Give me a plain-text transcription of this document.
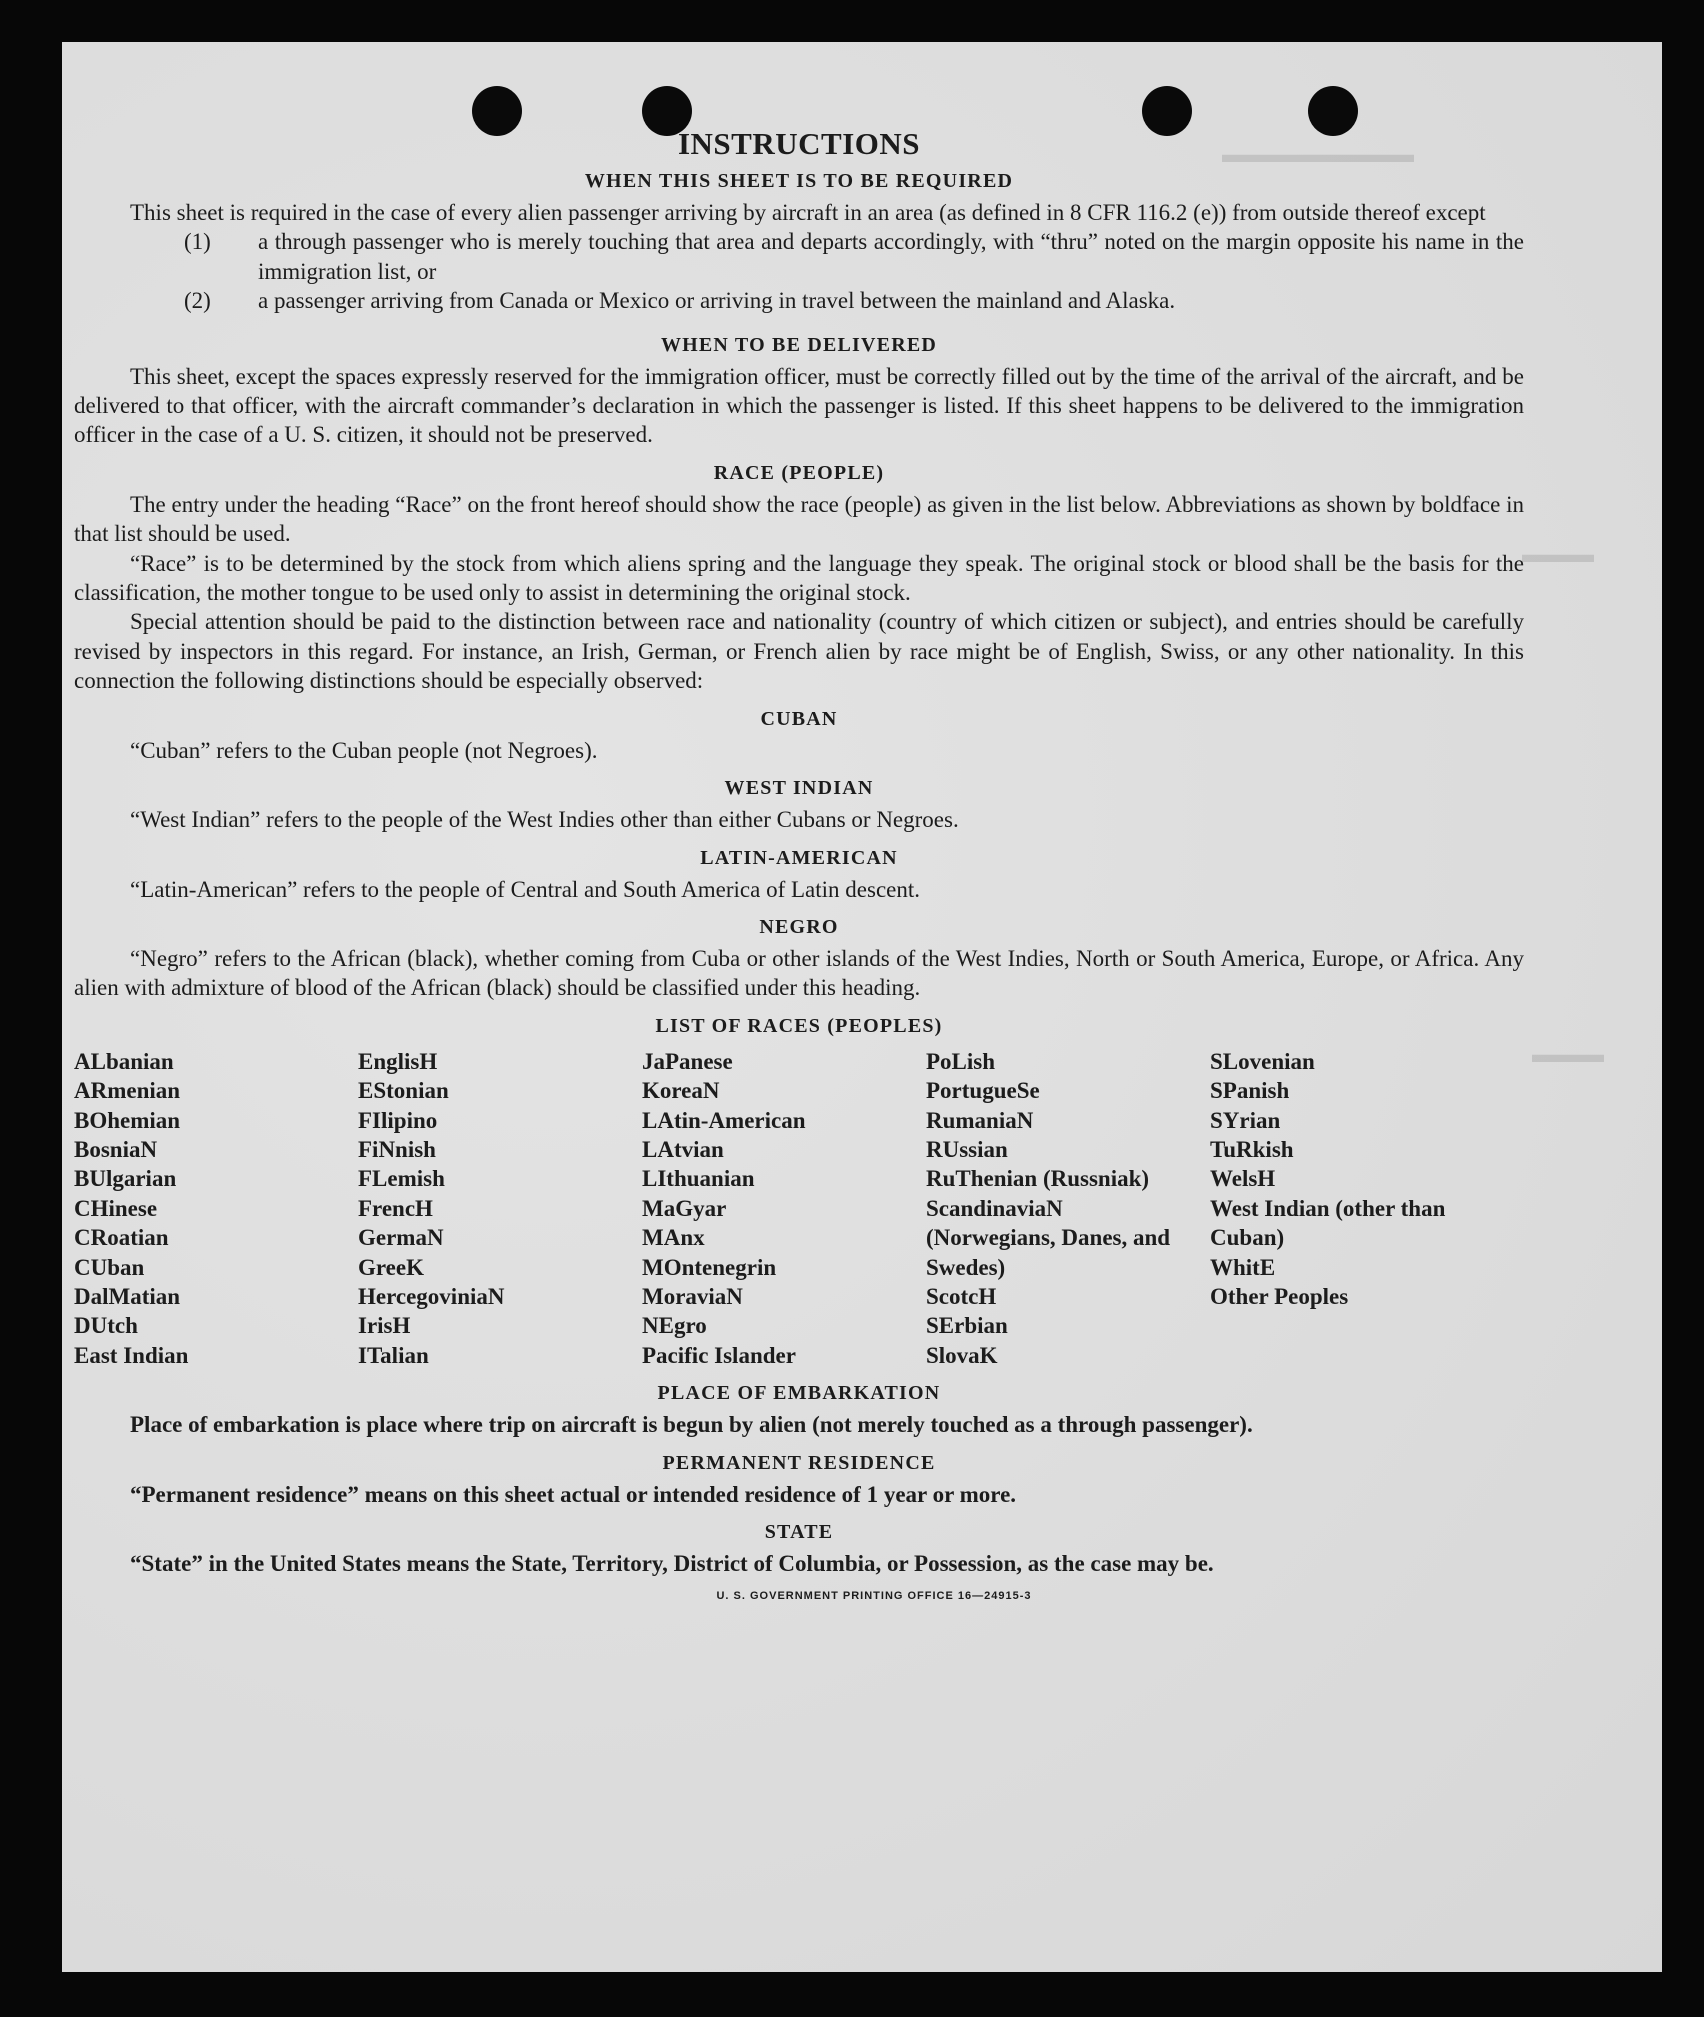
▬▬▬▬▬▬▬▬
▬▬▬
▬▬▬
INSTRUCTIONS
WHEN THIS SHEET IS TO BE REQUIRED

This sheet is required in the case of every alien passenger arriving by aircraft in an area (as defined in 8 CFR 116.2 (e)) from outside thereof except

(1)	a through passenger who is merely touching that area and departs accordingly, with “thru” noted on the margin opposite his name in the immigration list, or
(2)	a passenger arriving from Canada or Mexico or arriving in travel between the mainland and Alaska.
WHEN TO BE DELIVERED

This sheet, except the spaces expressly reserved for the immigration officer, must be correctly filled out by the time of the arrival of the aircraft, and be delivered to that officer, with the aircraft commander’s declaration in which the passenger is listed. If this sheet happens to be delivered to the immigration officer in the case of a U. S. citizen, it should not be preserved.

RACE (PEOPLE)

The entry under the heading “Race” on the front hereof should show the race (people) as given in the list below. Abbreviations as shown by boldface in that list should be used.

“Race” is to be determined by the stock from which aliens spring and the language they speak. The original stock or blood shall be the basis for the classification, the mother tongue to be used only to assist in determining the original stock.

Special attention should be paid to the distinction between race and nationality (country of which citizen or subject), and entries should be carefully revised by inspectors in this regard. For instance, an Irish, German, or French alien by race might be of English, Swiss, or any other nationality. In this connection the following distinctions should be especially observed:

CUBAN

“Cuban” refers to the Cuban people (not Negroes).

WEST INDIAN

“West Indian” refers to the people of the West Indies other than either Cubans or Negroes.

LATIN-AMERICAN

“Latin-American” refers to the people of Central and South America of Latin descent.

NEGRO

“Negro” refers to the African (black), whether coming from Cuba or other islands of the West Indies, North or South America, Europe, or Africa. Any alien with admixture of blood of the African (black) should be classified under this heading.

LIST OF RACES (PEOPLES)
ALbanian
ARmenian
BOhemian
BosniaN
BUlgarian
CHinese
CRoatian
CUban
DalMatian
DUtch
East Indian
EnglisH
EStonian
FIlipino
FiNnish
FLemish
FrencH
GermaN
GreeK
HercegoviniaN
IrisH
ITalian
JaPanese
KoreaN
LAtin-American
LAtvian
LIthuanian
MaGyar
MAnx
MOntenegrin
MoraviaN
NEgro
Pacific Islander
PoLish
PortugueSe
RumaniaN
RUssian
RuThenian (Russniak)
ScandinaviaN (Norwegians, Danes, and Swedes)
ScotcH
SErbian
SlovaK
SLovenian
SPanish
SYrian
TuRkish
WelsH
West Indian (other than Cuban)
WhitE
Other Peoples
PLACE OF EMBARKATION

Place of embarkation is place where trip on aircraft is begun by alien (not merely touched as a through passenger).

PERMANENT RESIDENCE

“Permanent residence” means on this sheet actual or intended residence of 1 year or more.

STATE

“State” in the United States means the State, Territory, District of Columbia, or Possession, as the case may be.

U. S. GOVERNMENT PRINTING OFFICE 16—24915-3
